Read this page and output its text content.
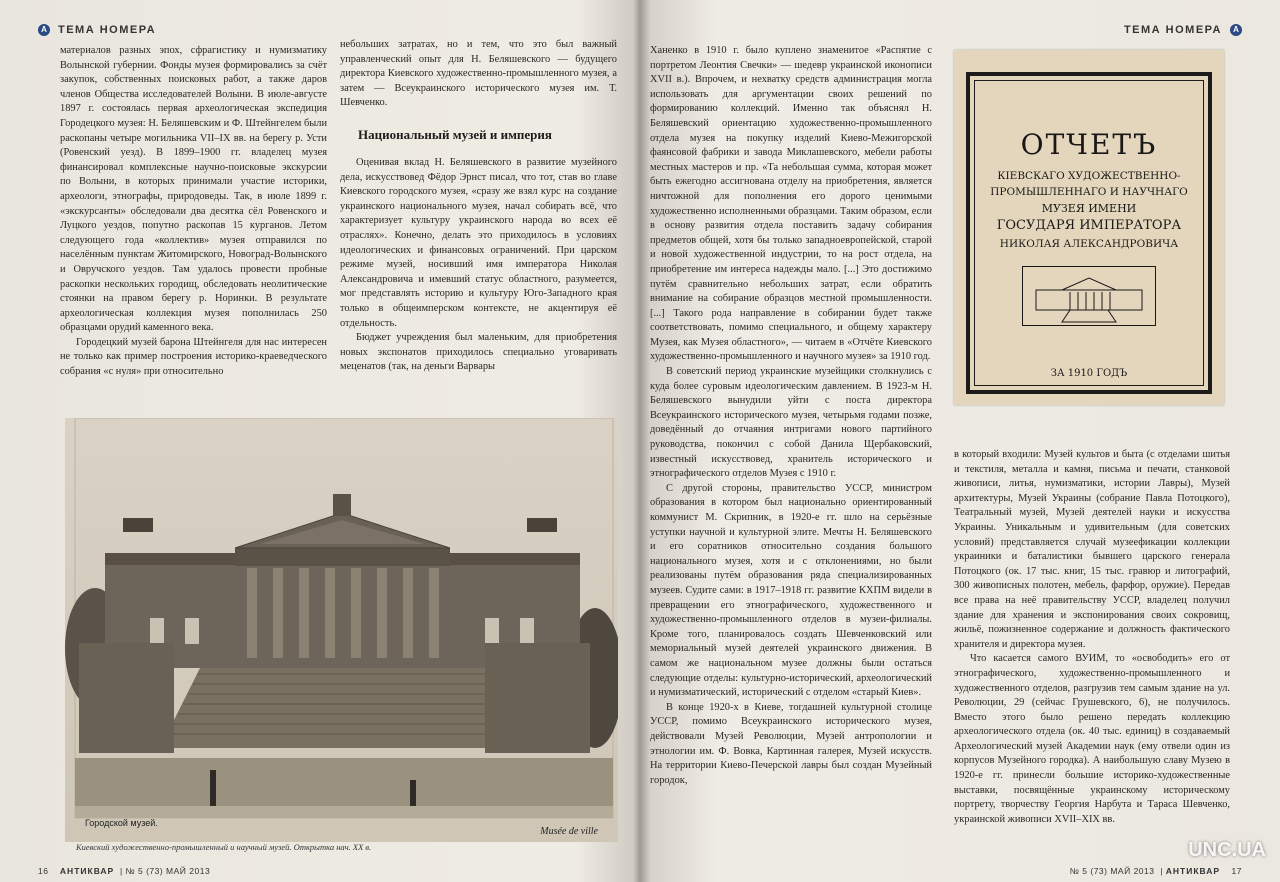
А ТЕМА НОМЕРА

материалов разных эпох, сфрагистику и нумизматику Волынской губернии. Фонды музея формировались за счёт закупок, собственных поисковых работ, а также даров членов Общества исследователей Волыни. В июле-августе 1897 г. состоялась первая археологическая экспедиция Городецкого музея: Н. Беляшевским и Ф. Штейнгелем были раскопаны четыре могильника VII–IX вв. на берегу р. Усти (Ровенский уезд). В 1899–1900 гг. владелец музея финансировал комплексные научно-поисковые экскурсии по Волыни, в которых принимали участие историки, археологи, этнографы, природоведы. Так, в июле 1899 г. «экскурсанты» обследовали два десятка сёл Ровенского и Луцкого уездов, попутно раскопав 15 курганов. Летом следующего года «коллектив» музея отправился по населённым пунктам Житомирского, Новоград-Волынского и Овручского уездов. Там удалось провести пробные раскопки нескольких городищ, обследовать неолитические стоянки на правом берегу р. Норинки. В результате археологическая коллекция музея пополнилась 250 образцами орудий каменного века.

Городецкий музей барона Штейнгеля для нас интересен не только как пример построения историко-краеведческого собрания «с нуля» при относительно

небольших затратах, но и тем, что это был важный управленческий опыт для Н. Беляшевского — будущего директора Киевского художественно-промышленного музея, а затем — Всеукраинского исторического музея им. Т. Шевченко.

Национальный музей и империя

Оценивая вклад Н. Беляшевского в развитие музейного дела, искусствовед Фёдор Эрнст писал, что тот, став во главе Киевского городского музея, «сразу же взял курс на создание украинского национального музея, начал собирать всё, что характеризует культуру украинского народа во всех её отраслях». Конечно, делать это приходилось в условиях идеологических и финансовых ограничений. При царском режиме музей, носивший имя императора Николая Александровича и имевший статус областного, разумеется, мог представлять историю и культуру Юго-Западного края только в общеимперском контексте, не акцентируя её отдельность.

Бюджет учреждения был маленьким, для приобретения новых экспонатов приходилось специально уговаривать меценатов (так, на деньги Варвары

Городской музей.
Musée de ville
Киевский художественно-промышленный и научный музей. Открытка нач. XX в.
16 АНТИКВАР  | № 5 (73) МАЙ 2013
ТЕМА НОМЕРА	А

Ханенко в 1910 г. было куплено знаменитое «Распятие с портретом Леонтия Свечки» — шедевр украинской иконописи XVII в.). Впрочем, и нехватку средств администрация могла использовать для аргументации своих решений по формированию коллекций. Именно так объяснял Н. Беляшевский ориентацию художественно-промышленного отдела музея на покупку изделий Киево-Межигорской фаянсовой фабрики и завода Миклашевского, мебели работы местных мастеров и пр. «Та небольшая сумма, которая может быть ежегодно ассигнована отделу на приобретения, является ничтожной для пополнения его дорого ценимыми художественно исполненными образцами. Таким образом, если в основу развития отдела поставить задачу собирания предметов общей, хотя бы только западноевропейской, старой и новой художественной индустрии, то на рост отдела, на приобретение им интереса надежды мало. [...] Это достижимо путём сравнительно небольших затрат, если обратить внимание на собирание образцов местной промышленности. [...] Такого рода направление в собирании будет также соответствовать, помимо специального, и общему характеру Музея, как Музея областного», — читаем в «Отчёте Киевского художественно-промышленного и научного музея» за 1910 год.

В советский период украинские музейщики столкнулись с куда более суровым идеологическим давлением. В 1923-м Н. Беляшевского вынудили уйти с поста директора Всеукраинского исторического музея, четырьмя годами позже, доведённый до отчаяния интригами нового партийного руководства, покончил с собой Данила Щербаковский, известный искусствовед, хранитель исторического и этнографического отделов Музея с 1910 г.

С другой стороны, правительство УССР, министром образования в котором был национально ориентированный коммунист М. Скрипник, в 1920-е гг. шло на серьёзные уступки научной и культурной элите. Мечты Н. Беляшевского и его соратников относительно создания большого национального музея, хотя и с отклонениями, но были реализованы путём образования ряда специализированных музеев. Судите сами: в 1917–1918 гг. развитие КХПМ видели в превращении его этнографического, художественного и художественно-промышленного отделов в музеи-филиалы. Кроме того, планировалось создать Шевченковский или мемориальный музей деятелей украинского движения. В самом же национальном музее должны были остаться следующие отделы: культурно-исторический, археологический и нумизматический, исторический с отделом «старый Киев».

В конце 1920-х в Киеве, тогдашней культурной столице УССР, помимо Всеукраинского исторического музея, действовали Музей Революции, Музей антропологии и этнологии им. Ф. Вовка, Картинная галерея, Музей искусств. На территории Киево-Печерской лавры был создан Музейный городок,

в который входили: Музей культов и быта (с отделами шитья и текстиля, металла и камня, письма и печати, станковой живописи, литья, нумизматики, истории Лавры), Музей архитектуры, Музей Украины (собрание Павла Потоцкого), Театральный музей, Музей деятелей науки и искусства Украины. Уникальным и удивительным (для советских условий) представляется случай музеефикации коллекции украиники и баталистики бывшего царского генерала Потоцкого (ок. 17 тыс. книг, 15 тыс. гравюр и литографий, 300 живописных полотен, мебель, фарфор, оружие). Передав все права на неё правительству УССР, владелец получил здание для хранения и экспонирования своих сокровищ, жильё, пожизненное содержание и должность фактического хранителя и директора музея.

Что касается самого ВУИМ, то «освободить» его от этнографического, художественно-промышленного и художественного отделов, разгрузив тем самым здание на ул. Революции, 29 (сейчас Грушевского, 6), не получилось. Вместо этого было решено передать коллекцию археологического отдела (ок. 40 тыс. единиц) в создаваемый Археологический музей Академии наук (ему отвели один из корпусов Музейного городка). А наибольшую славу Музею в 1920-е гг. принесли большие историко-художественные выставки, посвящённые украинскому историческому портрету, творчеству Георгия Нарбута и Тараса Шевченко, украинской живописи XVII–XIX вв.

№ 5 (73) МАЙ 2013  | АНТИКВАР 17
ОТЧЕТЪ
КІЕВСКАГО ХУДОЖЕСТВЕННО-
ПРОМЫШЛЕННАГО И НАУЧНАГО
МУЗЕЯ ИМЕНИ
ГОСУДАРЯ ИМПЕРАТОРА
НИКОЛАЯ АЛЕКСАНДРОВИЧА
ЗА 1910 ГОДЪ
UNC.UA
